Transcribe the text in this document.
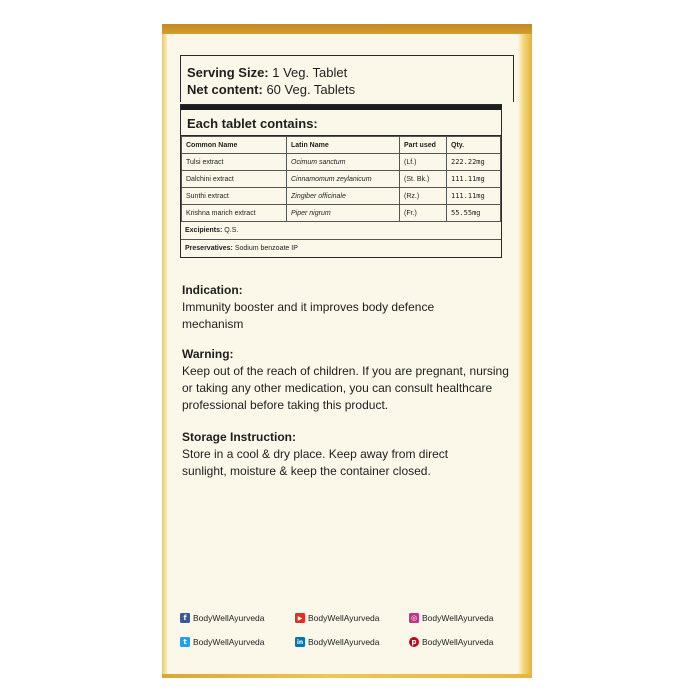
Serving Size: 1 Veg. Tablet
Net content: 60 Veg. Tablets
Each tablet contains:
Common Name	Latin Name	Part used	Qty.
Tulsi extract	Ocimum sanctum	(Lf.)	222.22mg
Dalchini extract	Cinnamomum zeylanicum	(St. Bk.)	111.11mg
Sunthi extract	Zingiber officinale	(Rz.)	111.11mg
Krishna marich extract	Piper nigrum	(Fr.)	55.55mg
Excipients: Q.S.
Preservatives: Sodium benzoate IP
Indication:
Immunity booster and it improves body defence mechanism
Warning:
Keep out of the reach of children. If you are pregnant, nursing or taking any other medication, you can consult healthcare professional before taking this product.
Storage Instruction:
Store in a cool & dry place. Keep away from direct sunlight, moisture & keep the container closed.
f BodyWellAyurveda	▶ BodyWellAyurveda	◎ BodyWellAyurveda
t BodyWellAyurveda	in BodyWellAyurveda	p BodyWellAyurveda
